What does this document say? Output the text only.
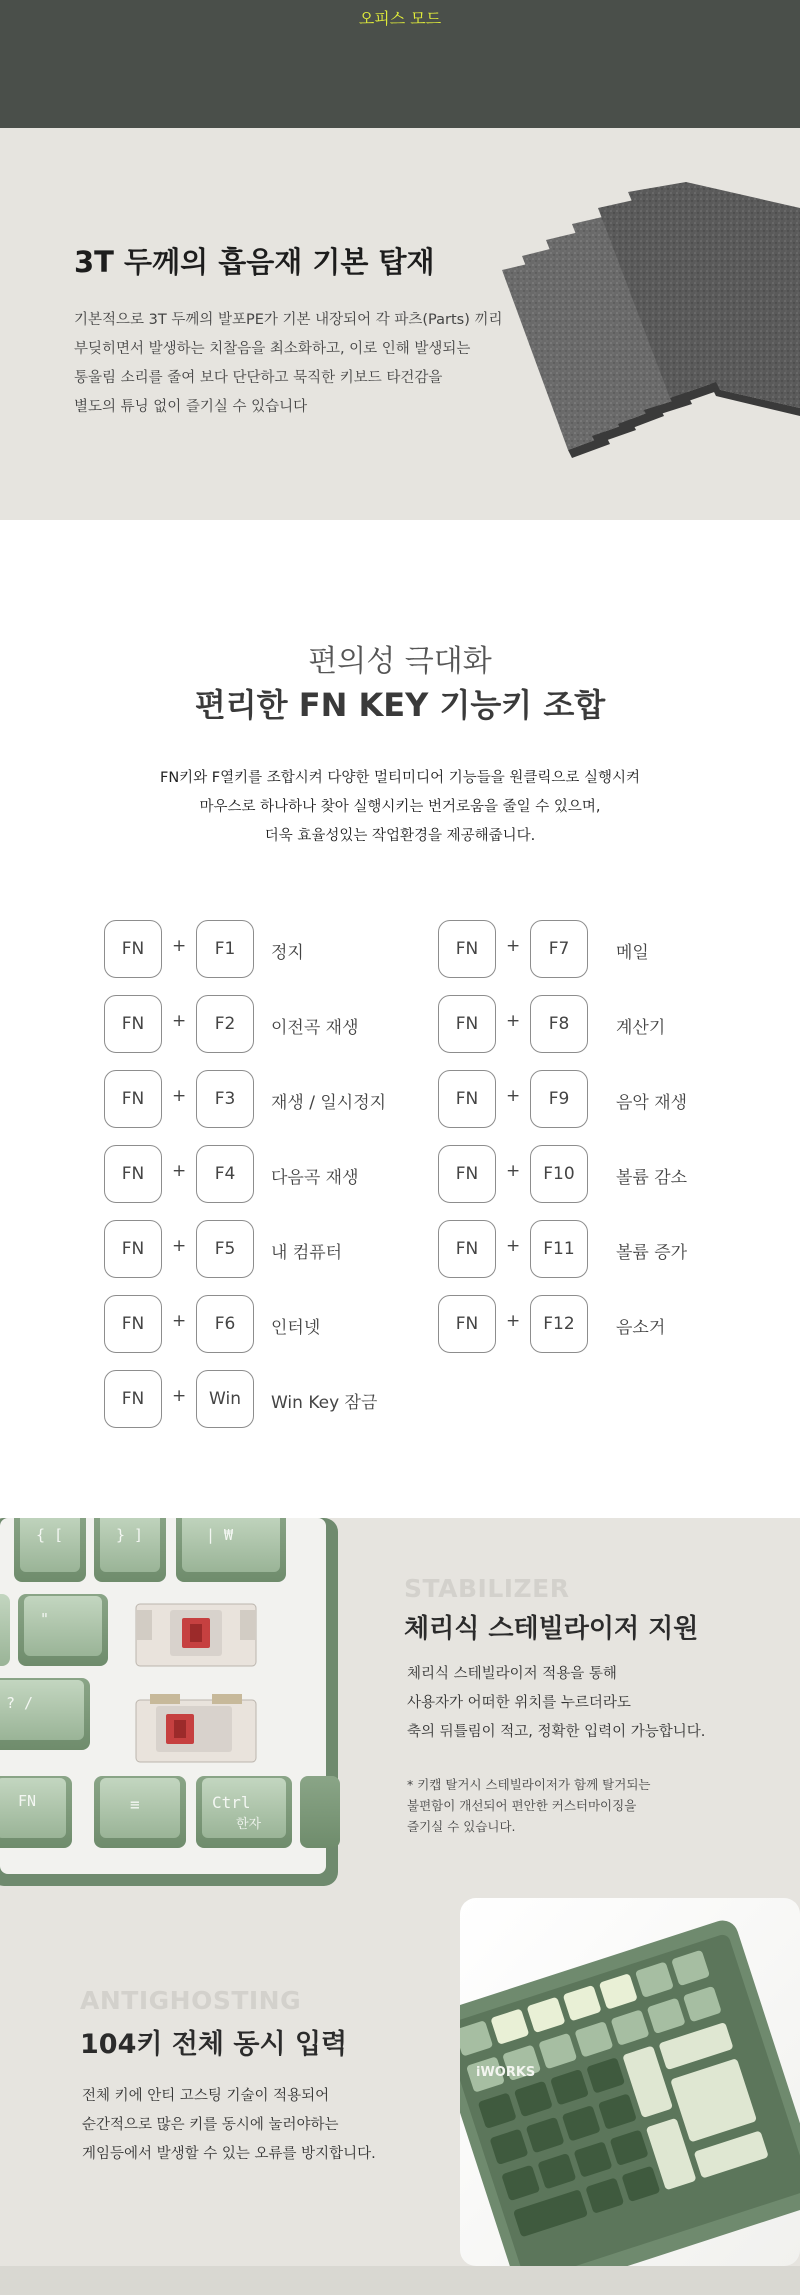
오피스 모드
3T 두께의 흡음재 기본 탑재

기본적으로 3T 두께의 발포PE가 기본 내장되어 각 파츠(Parts) 끼리

부딪히면서 발생하는 치찰음을 최소화하고, 이로 인해 발생되는

통울림 소리를 줄여 보다 단단하고 묵직한 키보드 타건감을

별도의 튜닝 없이 즐기실 수 있습니다

편의성 극대화
편리한 FN KEY 기능키 조합

FN키와 F열키를 조합시켜 다양한 멀티미디어 기능들을 원클릭으로 실행시켜

마우스로 하나하나 찾아 실행시키는 번거로움을 줄일 수 있으며,

더욱 효율성있는 작업환경을 제공해줍니다.

FN	+	F1	정지
FN	+	F2	이전곡 재생
FN	+	F3	재생 / 일시정지
FN	+	F4	다음곡 재생
FN	+	F5	내 컴퓨터
FN	+	F6	인터넷
FN	+	Win	Win Key 잠금
FN	+	F7	메일
FN	+	F8	계산기
FN	+	F9	음악 재생
FN	+	F10	볼륨 감소
FN	+	F11	볼륨 증가
FN	+	F12	음소거
{ [	} ]	| ₩
"
? /
FN	≡	Ctrl
한자
STABILIZER
체리식 스테빌라이저 지원

체리식 스테빌라이저 적용을 통해

사용자가 어떠한 위치를 누르더라도

축의 뒤틀림이 적고, 정확한 입력이 가능합니다.

* 키캡 탈거시 스테빌라이저가 함께 탈거되는

불편함이 개선되어 편안한 커스터마이징을

즐기실 수 있습니다.

ANTIGHOSTING
104키 전체 동시 입력

전체 키에 안티 고스팅 기술이 적용되어

순간적으로 많은 키를 동시에 눌러야하는

게임등에서 발생할 수 있는 오류를 방지합니다.

iWORKS
